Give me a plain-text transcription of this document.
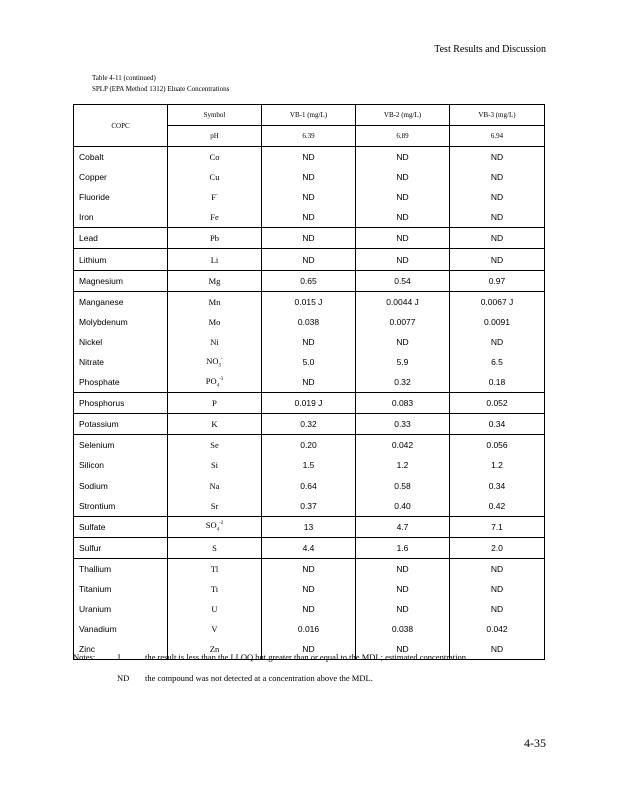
Test Results and Discussion
Table 4-11 (continued)
SPLP (EPA Method 1312) Eluate Concentrations
COPC	Symbol	VB-1 (mg/L)	VB-2 (mg/L)	VB-3 (mg/L)
	pH	6.39	6.89	6.94
Cobalt	Co	ND	ND	ND
Copper	Cu	ND	ND	ND
Fluoride	F-	ND	ND	ND
Iron	Fe	ND	ND	ND
Lead	Pb	ND	ND	ND
Lithium	Li	ND	ND	ND
Magnesium	Mg	0.65	0.54	0.97
Manganese	Mn	0.015 J	0.0044 J	0.0067 J
Molybdenum	Mo	0.038	0.0077	0.0091
Nickel	Ni	ND	ND	ND
Nitrate	$NO_3^-$	5.0	5.9	6.5
Phosphate	$PO_4^{-3}$	ND	0.32	0.18
Phosphorus	P	0.019 J	0.083	0.052
Potassium	K	0.32	0.33	0.34
Selenium	Se	0.20	0.042	0.056
Silicon	Si	1.5	1.2	1.2
Sodium	Na	0.64	0.58	0.34
Strontium	Sr	0.37	0.40	0.42
Sulfate	$SO_4^{-2}$	13	4.7	7.1
Sulfur	S	4.4	1.6	2.0
Thallium	Tl	ND	ND	ND
Titanium	Ti	ND	ND	ND
Uranium	U	ND	ND	ND
Vanadium	V	0.016	0.038	0.042
Zinc	Zn	ND	ND	ND
Notes:	J	the result is less than the LLOQ but greater than or equal to the MDL; estimated concentration.
ND	the compound was not detected at a concentration above the MDL.
4-35
